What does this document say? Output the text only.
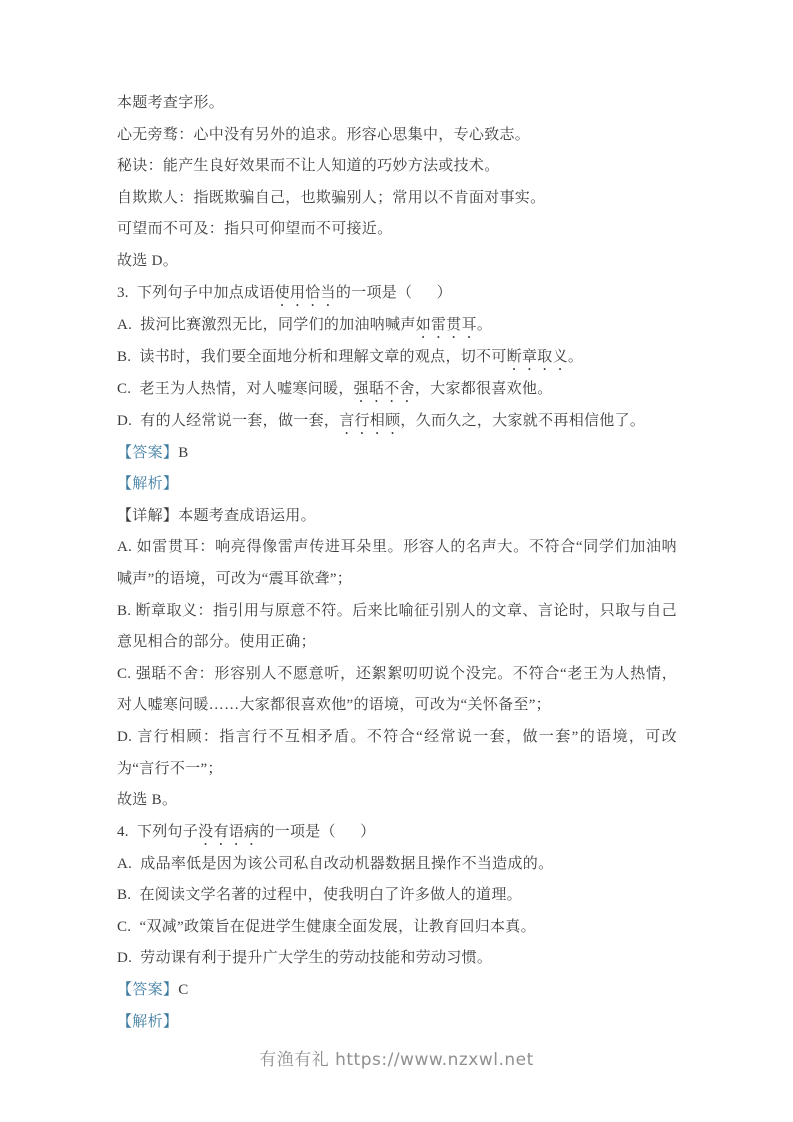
本题考查字形。

心无旁骛：心中没有另外的追求。形容心思集中，专心致志。

秘诀：能产生良好效果而不让人知道的巧妙方法或技术。

自欺欺人：指既欺骗自己，也欺骗别人；常用以不肯面对事实。

可望而不可及：指只可仰望而不可接近。

故选 D。

3.  下列句子中加点成语使用恰当的一项是（      ）

A.  拔河比赛激烈无比，同学们的加油呐喊声如雷贯耳。

B.  读书时，我们要全面地分析和理解文章的观点，切不可断章取义。

C.  老王为人热情，对人嘘寒问暖，强聒不舍，大家都很喜欢他。

D.  有的人经常说一套，做一套，言行相顾，久而久之，大家就不再相信他了。

【答案】B

【解析】

【详解】本题考查成语运用。

A. 如雷贯耳：响亮得像雷声传进耳朵里。形容人的名声大。不符合“同学们加油呐喊声”的语境，可改为“震耳欲聋”；

B. 断章取义：指引用与原意不符。后来比喻征引别人的文章、言论时，只取与自己意见相合的部分。使用正确；

C. 强聒不舍：形容别人不愿意听，还絮絮叨叨说个没完。不符合“老王为人热情，对人嘘寒问暖……大家都很喜欢他”的语境，可改为“关怀备至”；

D. 言行相顾：指言行不互相矛盾。不符合“经常说一套，做一套”的语境，可改为“言行不一”；

故选 B。

4.  下列句子没有语病的一项是（      ）

A.  成品率低是因为该公司私自改动机器数据且操作不当造成的。

B.  在阅读文学名著的过程中，使我明白了许多做人的道理。

C.  “双减”政策旨在促进学生健康全面发展，让教育回归本真。

D.  劳动课有利于提升广大学生的劳动技能和劳动习惯。

【答案】C

【解析】

有渔有礼 https://www.nzxwl.net
